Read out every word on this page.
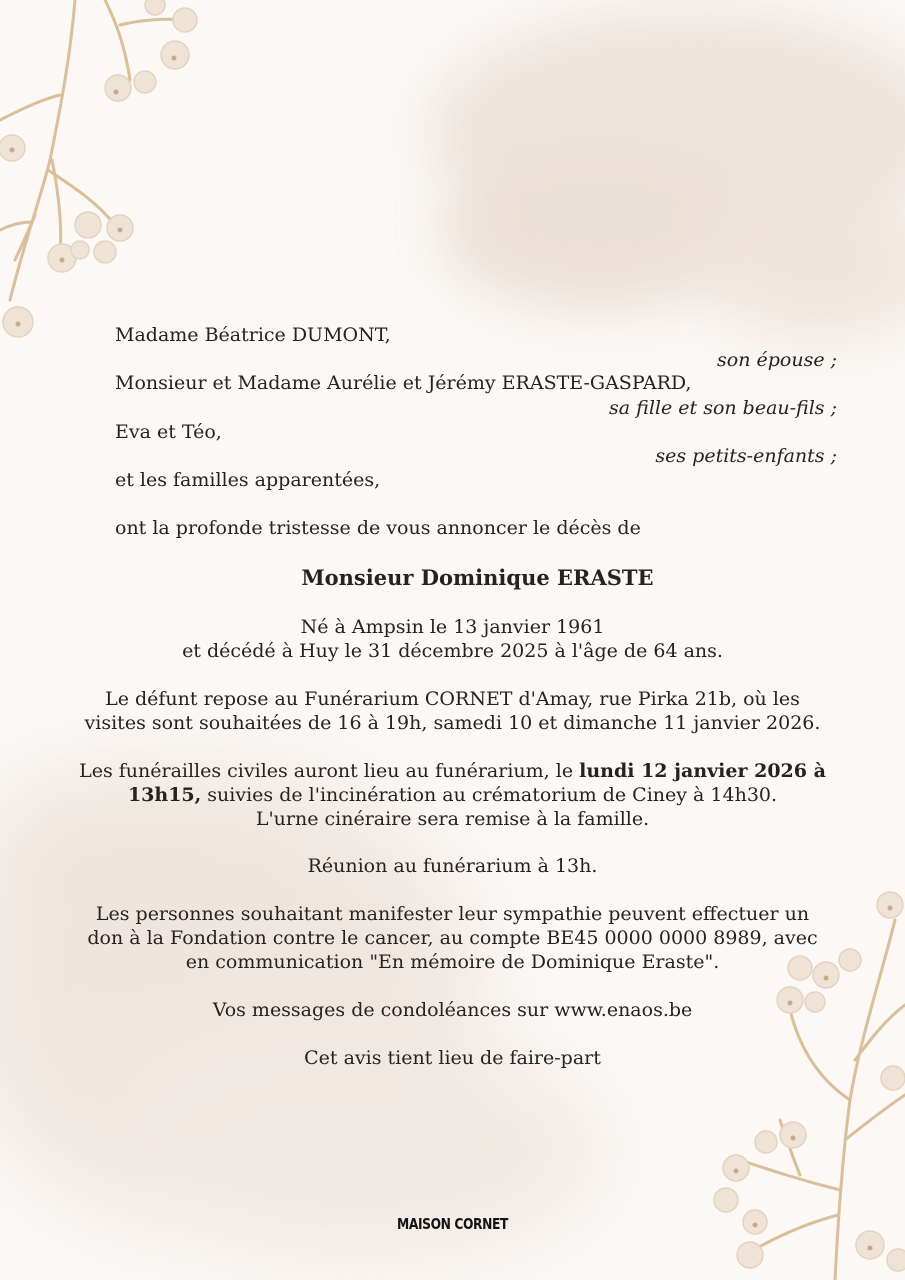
Madame Béatrice DUMONT,

son épouse ;

Monsieur et Madame Aurélie et Jérémy ERASTE-GASPARD,

sa fille et son beau-fils ;

Eva et Téo,

ses petits-enfants ;

et les familles apparentées,

ont la profonde tristesse de vous annoncer le décès de

Monsieur Dominique ERASTE

Né à Ampsin le 13 janvier 1961
et décédé à Huy le 31 décembre 2025 à l'âge de 64 ans.

Le défunt repose au Funérarium CORNET d'Amay, rue Pirka 21b, où les
visites sont souhaitées de 16 à 19h, samedi 10 et dimanche 11 janvier 2026.

Les funérailles civiles auront lieu au funérarium, le lundi 12 janvier 2026 à
13h15, suivies de l'incinération au crématorium de Ciney à 14h30.
L'urne cinéraire sera remise à la famille.

Réunion au funérarium à 13h.

Les personnes souhaitant manifester leur sympathie peuvent effectuer un
don à la Fondation contre le cancer, au compte BE45 0000 0000 8989, avec
en communication "En mémoire de Dominique Eraste".

Vos messages de condoléances sur www.enaos.be

Cet avis tient lieu de faire-part

MAISON CORNET
